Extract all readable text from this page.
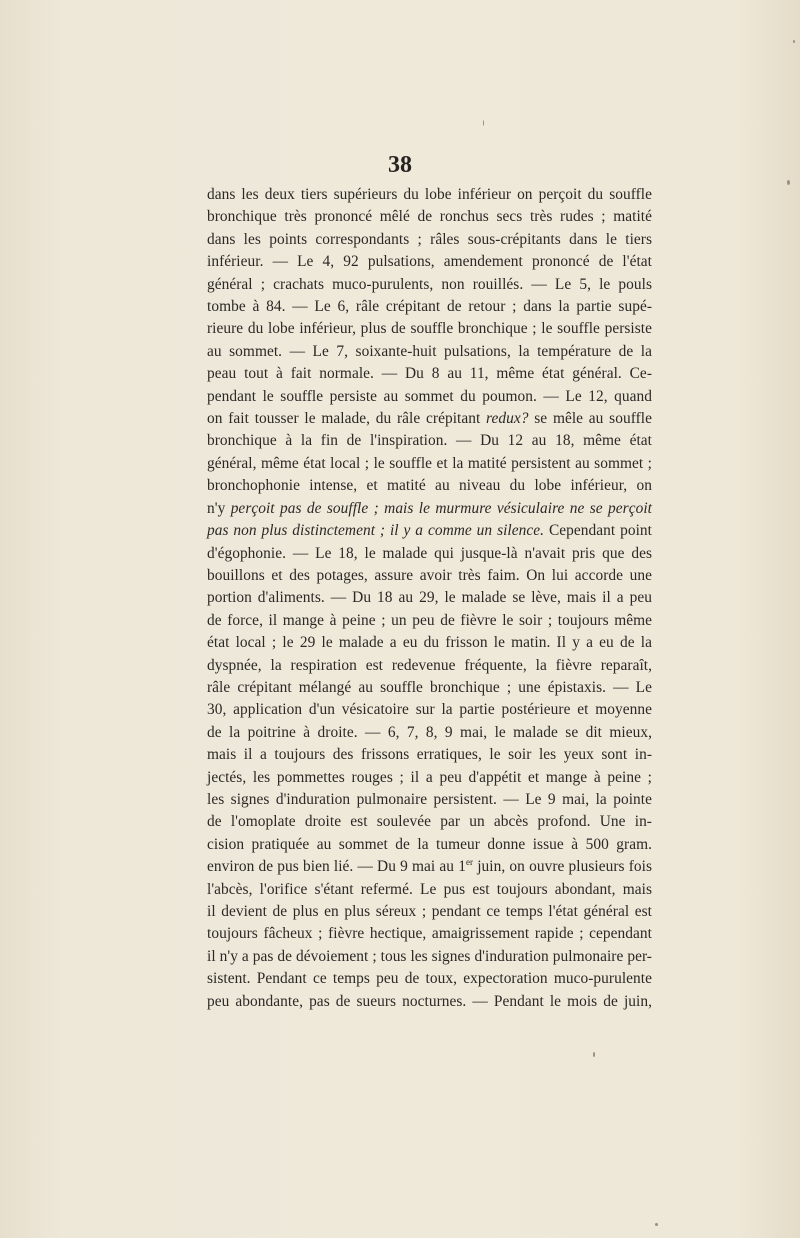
38
dans les deux tiers supérieurs du lobe inférieur on perçoit du souffle
bronchique très prononcé mêlé de ronchus secs très rudes ; matité
dans les points correspondants ; râles sous-crépitants dans le tiers
inférieur. — Le 4, 92 pulsations, amendement prononcé de l'état
général ; crachats muco-purulents, non rouillés. — Le 5, le pouls
tombe à 84. — Le 6, râle crépitant de retour ; dans la partie supé-
rieure du lobe inférieur, plus de souffle bronchique ; le souffle persiste
au sommet. — Le 7, soixante-huit pulsations, la température de la
peau tout à fait normale. — Du 8 au 11, même état général. Ce-
pendant le souffle persiste au sommet du poumon. — Le 12, quand
on fait tousser le malade, du râle crépitant redux? se mêle au souffle
bronchique à la fin de l'inspiration. — Du 12 au 18, même état
général, même état local ; le souffle et la matité persistent au sommet ;
bronchophonie intense, et matité au niveau du lobe inférieur, on
n'y perçoit pas de souffle ; mais le murmure vésiculaire ne se perçoit
pas non plus distinctement ; il y a comme un silence. Cependant point
d'égophonie. — Le 18, le malade qui jusque-là n'avait pris que des
bouillons et des potages, assure avoir très faim. On lui accorde une
portion d'aliments. — Du 18 au 29, le malade se lève, mais il a peu
de force, il mange à peine ; un peu de fièvre le soir ; toujours même
état local ; le 29 le malade a eu du frisson le matin. Il y a eu de la
dyspnée, la respiration est redevenue fréquente, la fièvre reparaît,
râle crépitant mélangé au souffle bronchique ; une épistaxis. — Le
30, application d'un vésicatoire sur la partie postérieure et moyenne
de la poitrine à droite. — 6, 7, 8, 9 mai, le malade se dit mieux,
mais il a toujours des frissons erratiques, le soir les yeux sont in-
jectés, les pommettes rouges ; il a peu d'appétit et mange à peine ;
les signes d'induration pulmonaire persistent. — Le 9 mai, la pointe
de l'omoplate droite est soulevée par un abcès profond. Une in-
cision pratiquée au sommet de la tumeur donne issue à 500 gram.
environ de pus bien lié. — Du 9 mai au 1er juin, on ouvre plusieurs fois
l'abcès, l'orifice s'étant refermé. Le pus est toujours abondant, mais
il devient de plus en plus séreux ; pendant ce temps l'état général est
toujours fâcheux ; fièvre hectique, amaigrissement rapide ; cependant
il n'y a pas de dévoiement ; tous les signes d'induration pulmonaire per-
sistent. Pendant ce temps peu de toux, expectoration muco-purulente
peu abondante, pas de sueurs nocturnes. — Pendant le mois de juin,
